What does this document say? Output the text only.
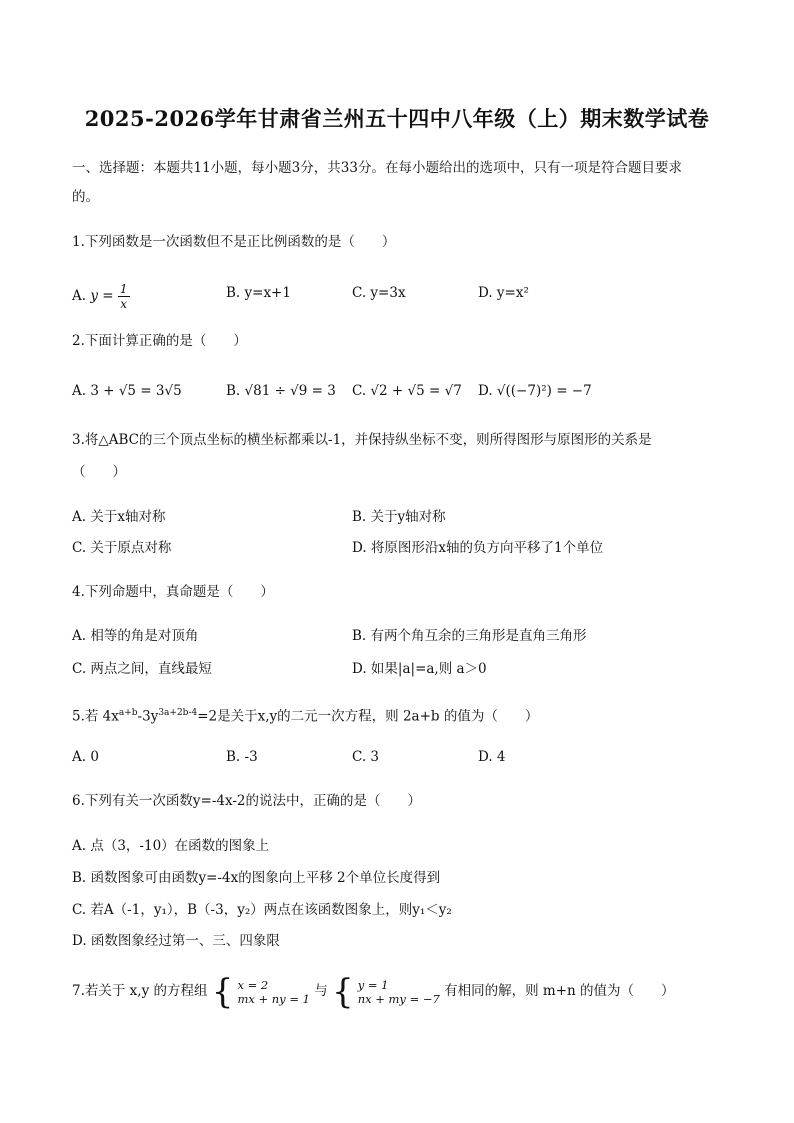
2025-2026学年甘肃省兰州五十四中八年级（上）期末数学试卷
一、选择题：本题共11小题，每小题3分，共33分。在每小题给出的选项中，只有一项是符合题目要求
的。
1.下列函数是一次函数但不是正比例函数的是（　　）
A. $y = \frac{1}{x}$	B. y=x+1	C. y=3x	D. y=x²
2.下面计算正确的是（　　）
A. 3 + √5 = 3√5	B. √81 ÷ √9 = 3 C. √2 + √5 = √7 D. √((−7)²) = −7
3.将△ABC的三个顶点坐标的横坐标都乘以-1，并保持纵坐标不变，则所得图形与原图形的关系是
（　　）
A. 关于x轴对称	B. 关于y轴对称
C. 关于原点对称	D. 将原图形沿x轴的负方向平移了1个单位
4.下列命题中，真命题是（　　）
A. 相等的角是对顶角	B. 有两个角互余的三角形是直角三角形
C. 两点之间，直线最短	D. 如果|a|=a,则 a＞0
5.若 $4x^{a+b}-3y^{3a+2b-4}=2$是关于x,y的二元一次方程，则 2a+b 的值为（　　）
A. 0	B. -3	C. 3	D. 4
6.下列有关一次函数y=-4x-2的说法中，正确的是（　　）
A. 点（3，-10）在函数的图象上
B. 函数图象可由函数y=-4x的图象向上平移 2个单位长度得到
C. 若A（-1，y₁），B（-3，y₂）两点在该函数图象上，则y₁＜y₂
D. 函数图象经过第一、三、四象限
7.若关于 x,y 的方程组 { x = 2
mx + ny = 1 与 { y = 1
nx + my = −7 有相同的解，则 m+n 的值为（　　）
